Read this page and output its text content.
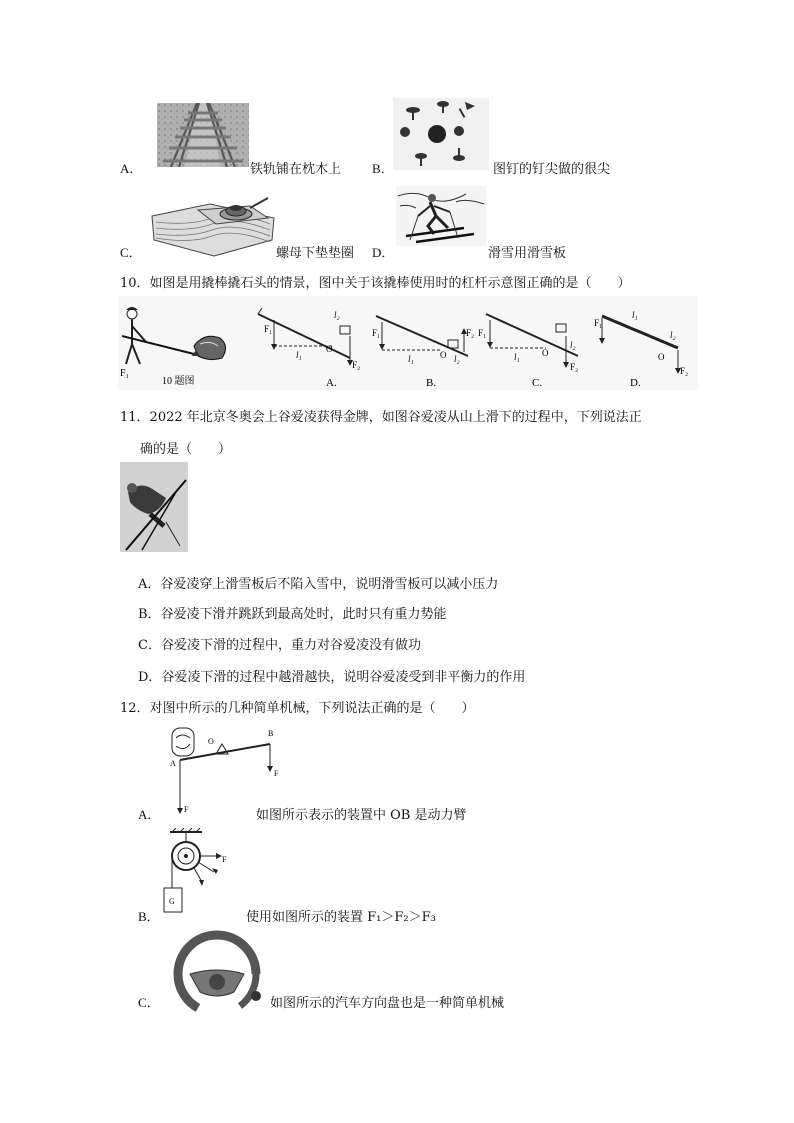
A．	铁轨铺在枕木上 B．	图钉的钉尖做的很尖
C．	螺母下垫垫圈 D．	滑雪用滑雪板
10．如图是用撬棒撬石头的情景，图中关于该撬棒使用时的杠杆示意图正确的是（　　）
F₁
10 题图
F₁
F₂
l₂
l₁
O
A.
F₁	F₂
l₁	O l₂
B.
F₁
F₂
l₁ O
l₂
C.
F₁
l₁
l₂
O
F₂
D.
11．2022 年北京冬奥会上谷爱凌获得金牌，如图谷爱凌从山上滑下的过程中，下列说法正
确的是（　　）
A．谷爱凌穿上滑雪板后不陷入雪中，说明滑雪板可以减小压力
B．谷爱凌下滑并跳跃到最高处时，此时只有重力势能
C．谷爱凌下滑的过程中，重力对谷爱凌没有做功
D．谷爱凌下滑的过程中越滑越快，说明谷爱凌受到非平衡力的作用
12．对图中所示的几种简单机械，下列说法正确的是（　　）
A
O
B
F
F
A．	如图所示表示的装置中 OB 是动力臂
G
F
B．	使用如图所示的装置 F₁＞F₂＞F₃
C．	如图所示的汽车方向盘也是一种简单机械
